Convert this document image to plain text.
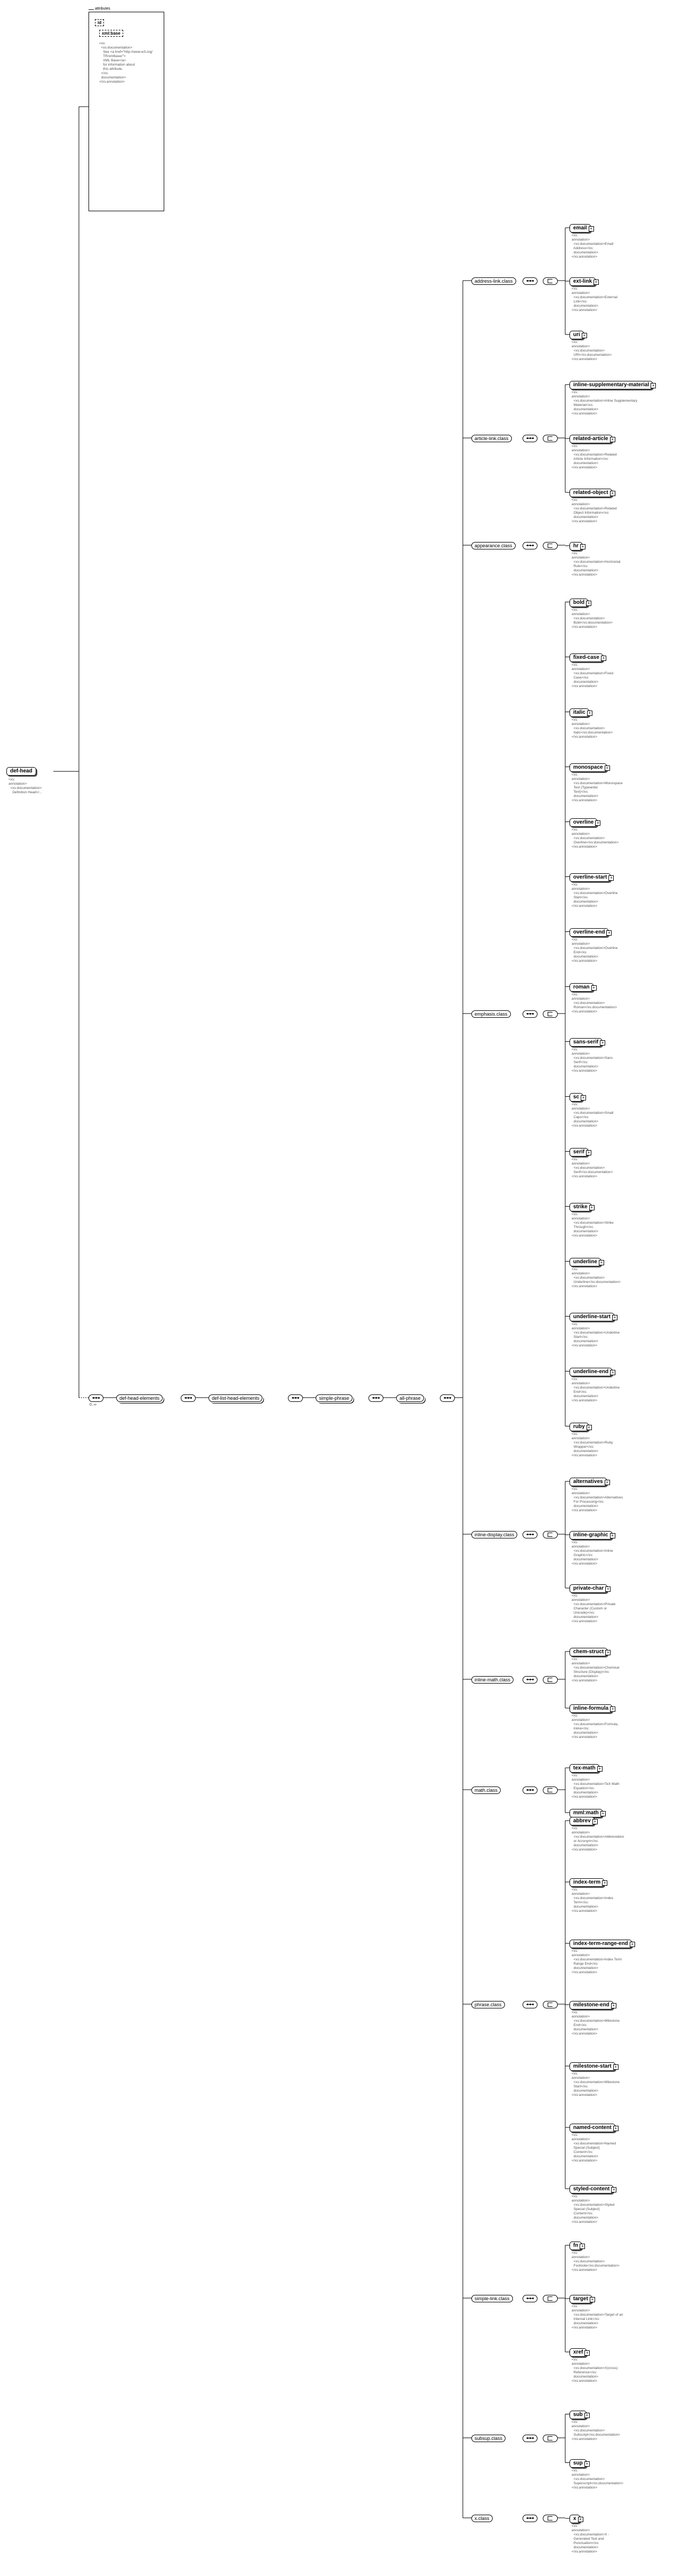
def-head
<xs:
annotation>
<xs:documentation>
Definition Head</...
attributes
id
xml:base
<xs:
<xs:documentation>
See <a href="http://www.w3.org/
TR/xmlbase/">
XML Base</a>
for information about
this attribute.
</xs:
documentation>
</xs:annotation>
0..∞
def-head-elements	def-list-head-elements	simple-phrase	all-phrase
address-link.class
email +
<xs:
annotation>
<xs:documentation>Email
Address</xs:
documentation>
</xs:annotation>
ext-link +
<xs:
annotation>
<xs:documentation>External
Link</xs:
documentation>
</xs:annotation>
uri +
<xs:
annotation>
<xs:documentation>
URI</xs:documentation>
</xs:annotation>
article-link.class
inline-supplementary-material +
<xs:
annotation>
<xs:documentation>Inline Supplementary
Material</xs:
documentation>
</xs:annotation>
related-article +
<xs:
annotation>
<xs:documentation>Related
Article Information</xs:
documentation>
</xs:annotation>
related-object +
<xs:
annotation>
<xs:documentation>Related
Object Information</xs:
documentation>
</xs:annotation>
appearance.class	hr +
<xs:
annotation>
<xs:documentation>Horizontal
Rule</xs:
documentation>
</xs:annotation>
emphasis.class
bold +
<xs:
annotation>
<xs:documentation>
Bold</xs:documentation>
</xs:annotation>
fixed-case +
<xs:
annotation>
<xs:documentation>Fixed
Case</xs:
documentation>
</xs:annotation>
italic +
<xs:
annotation>
<xs:documentation>
Italic</xs:documentation>
</xs:annotation>
monospace +
<xs:
annotation>
<xs:documentation>Monospace
Text (Typewriter
Text)</xs:
documentation>
</xs:annotation>
overline +
<xs:
annotation>
<xs:documentation>
Overline</xs:documentation>
</xs:annotation>
overline-start +
<xs:
annotation>
<xs:documentation>Overline
Start</xs:
documentation>
</xs:annotation>
overline-end +
<xs:
annotation>
<xs:documentation>Overline
End</xs:
documentation>
</xs:annotation>
roman +
<xs:
annotation>
<xs:documentation>
Roman</xs:documentation>
</xs:annotation>
sans-serif +
<xs:
annotation>
<xs:documentation>Sans
Serif</xs:
documentation>
</xs:annotation>
sc +
<xs:
annotation>
<xs:documentation>Small
Caps</xs:
documentation>
</xs:annotation>
serif +
<xs:
annotation>
<xs:documentation>
Serif</xs:documentation>
</xs:annotation>
strike +
<xs:
annotation>
<xs:documentation>Strike
Through</xs:
documentation>
</xs:annotation>
underline +
<xs:
annotation>
<xs:documentation>
Underline</xs:documentation>
</xs:annotation>
underline-start +
<xs:
annotation>
<xs:documentation>Underline
Start</xs:
documentation>
</xs:annotation>
underline-end +
<xs:
annotation>
<xs:documentation>Underline
End</xs:
documentation>
</xs:annotation>
ruby +
<xs:
annotation>
<xs:documentation>Ruby
Wrapper</xs:
documentation>
</xs:annotation>
inline-display.class
alternatives +
<xs:
annotation>
<xs:documentation>Alternatives
For Processing</xs:
documentation>
</xs:annotation>
inline-graphic +
<xs:
annotation>
<xs:documentation>Inline
Graphic</xs:
documentation>
</xs:annotation>
private-char +
<xs:
annotation>
<xs:documentation>Private
Character (Custom or
Unicode)</xs:
documentation>
</xs:annotation>
inline-math.class
chem-struct +
<xs:
annotation>
<xs:documentation>Chemical
Structure (Display)</xs:
documentation>
</xs:annotation>
inline-formula +
<xs:
annotation>
<xs:documentation>Formula,
Inline</xs:
documentation>
</xs:annotation>
math.class
tex-math +
<xs:
annotation>
<xs:documentation>TeX Math
Equation</xs:
documentation>
</xs:annotation>
mml:math +
phrase.class
abbrev +
<xs:
annotation>
<xs:documentation>Abbreviation
or Acronym</xs:
documentation>
</xs:annotation>
index-term +
<xs:
annotation>
<xs:documentation>Index
Term</xs:
documentation>
</xs:annotation>
index-term-range-end +
<xs:
annotation>
<xs:documentation>Index Term
Range End</xs:
documentation>
</xs:annotation>
milestone-end +
<xs:
annotation>
<xs:documentation>Milestone
End</xs:
documentation>
</xs:annotation>
milestone-start +
<xs:
annotation>
<xs:documentation>Milestone
Start</xs:
documentation>
</xs:annotation>
named-content +
<xs:
annotation>
<xs:documentation>Named
Special (Subject)
Content</xs:
documentation>
</xs:annotation>
styled-content +
<xs:
annotation>
<xs:documentation>Styled
Special (Subject)
Content</xs:
documentation>
</xs:annotation>
simple-link.class
fn +
<xs:
annotation>
<xs:documentation>
Footnote</xs:documentation>
</xs:annotation>
target +
<xs:
annotation>
<xs:documentation>Target of an
Internal Link</xs:
documentation>
</xs:annotation>
xref +
<xs:
annotation>
<xs:documentation>X(cross)
Reference</xs:
documentation>
</xs:annotation>
subsup.class
sub +
<xs:
annotation>
<xs:documentation>
Subscript</xs:documentation>
</xs:annotation>
sup +
<xs:
annotation>
<xs:documentation>
Superscript</xs:documentation>
</xs:annotation>
x.class	x +
<xs:
annotation>
<xs:documentation>X -
Generated Text and
Punctuation</xs:
documentation>
</xs:annotation>
